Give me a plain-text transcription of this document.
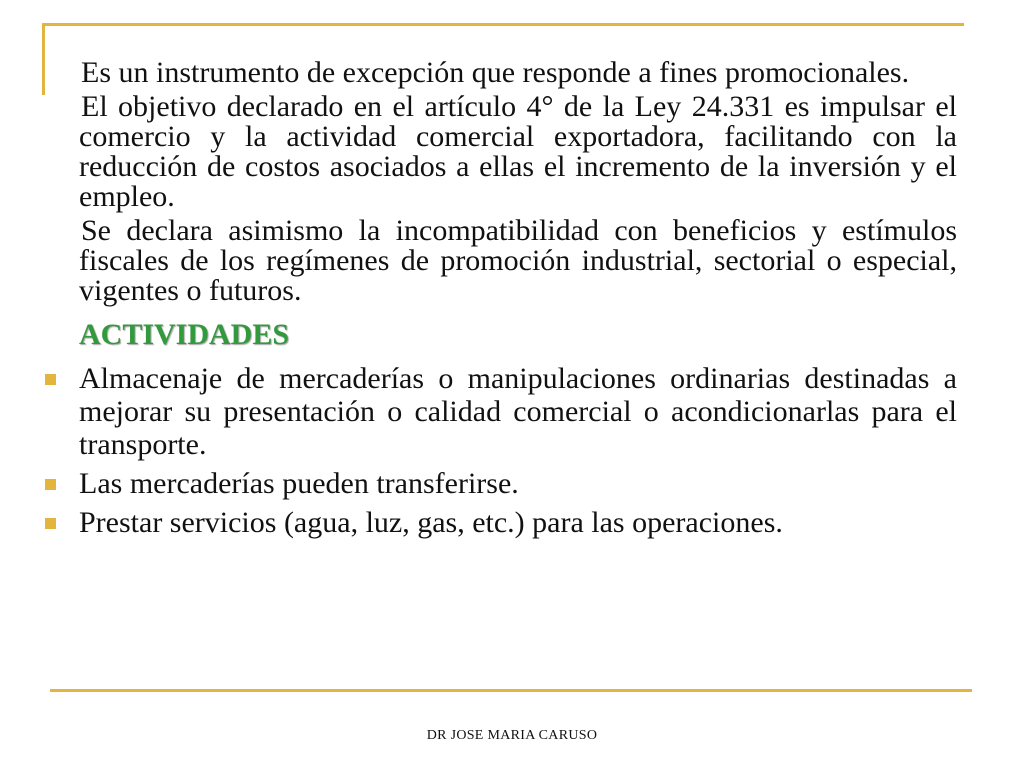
Es un instrumento de excepción que responde a fines promocionales.

El objetivo declarado en el artículo 4° de la Ley 24.331 es impulsar el comercio y la actividad comercial exportadora, facilitando con la reducción de costos asociados a ellas el incremento de la inversión y el empleo.

Se declara asimismo la incompatibilidad con beneficios y estímulos fiscales de los regímenes de promoción industrial, sectorial o especial, vigentes o futuros.

ACTIVIDADES
Almacenaje de mercaderías o manipulaciones ordinarias destinadas a mejorar su presentación o calidad comercial o acondicionarlas para el transporte.
Las mercaderías pueden transferirse.
Prestar servicios (agua, luz, gas, etc.) para las operaciones.
DR JOSE MARIA CARUSO
